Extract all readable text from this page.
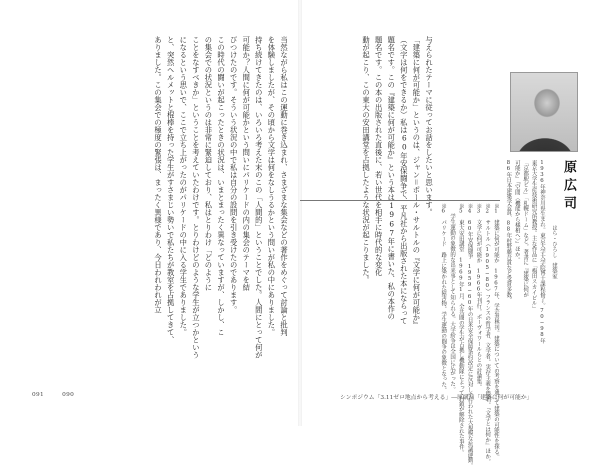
当然ながら私はこの運動に巻き込まれ、さまざまな集会などの著作をめぐって討論と批判

を体験しましたが、その頃から文学は何をなしうるかという問いが私の中にありました。

持ち続けてきたのは、いろいろ考えた末のこの「人間的」ということでした。人間にとって何が

可能か？人間に何が可能かという問いにパリケードの内の集会のテーマを結

びつけたのです。そういう状況の中で私は自分の設問を引き受けたのであります。

この時代の闘いが起こったときの状況は、いまとまったく異なっていますが、しかし、こ

の集会での状況というのは非常に緊迫しており、私はとりわけ「どのように

ことをなすべきか」ということを考えていたわけです。とりわけどのような学生が立つかという

になるという思いで、ここで立ち上がったのがパリケードの中に入る学生でありました。

と、突然ヘルメットと棍棒を持った学生がすさまじい勢いで私たちが教室を占拠してきて、

ありました。この集会での極度の緊張は、まったく異様であり、今日われわれが立	与えられたテーマに従ってお話をしたいと思います。

「建築に何が可能か」というのは、ジャン＝ポール・サルトルの『文学に何が可能か』

（文字は何をできるか）私は60年安保闘争で、平凡社から出版された本にならって

題名です。この『建築に何が可能か』という本は1967年に書いた、私の本作の

題名です。この本の出版された直後に、若い世代を相手に時代的な変化

動が起こり、この東大の安田講堂を占拠したような状況が起こりました。

※1　建築に何が可能か　1967年、学芸書林刊。建築についての考察を通して建築の可能性を探る。

※2　サルトル（1905−80）フランスの哲学者、文学者。実存主義を提唱。『文学とは何か』ほか。

※3　文学に何が可能か　1966年刊行。ボーヴォワールらとの討論集。

※4　60年安保闘争　1959−60年の日米安全保障条約改定に反対して行われた大規模な抗議運動。

※5　東大安田講堂　1969年1月、全共闘の学生が占拠し機動隊によって封鎖が解除された事件。

　　学生運動の象徴的な出来事として知られる。大学紛争は全国に広がった。

※6　パリケード　路上に築かれた障害物。学生運動の闘争の象徴となった。

原広司

はら・ひろし　建築家

1936年神奈川県生まれ。東京大学大学院博士課程修了。70−98年

東京大学生産技術研究所教授。主な作品に「梅田スカイビル」

「京都駅ビル」「札幌ドーム」など。著書に『建築に何が

可能か』『空間〈機能から様相へ〉』ほか。

86年日本建築学会賞、88年村野藤吾賞など受賞多数。

091	090	シンポジウム「3.11ゼロ地点から考える」―原講演「建築に何が可能か」
